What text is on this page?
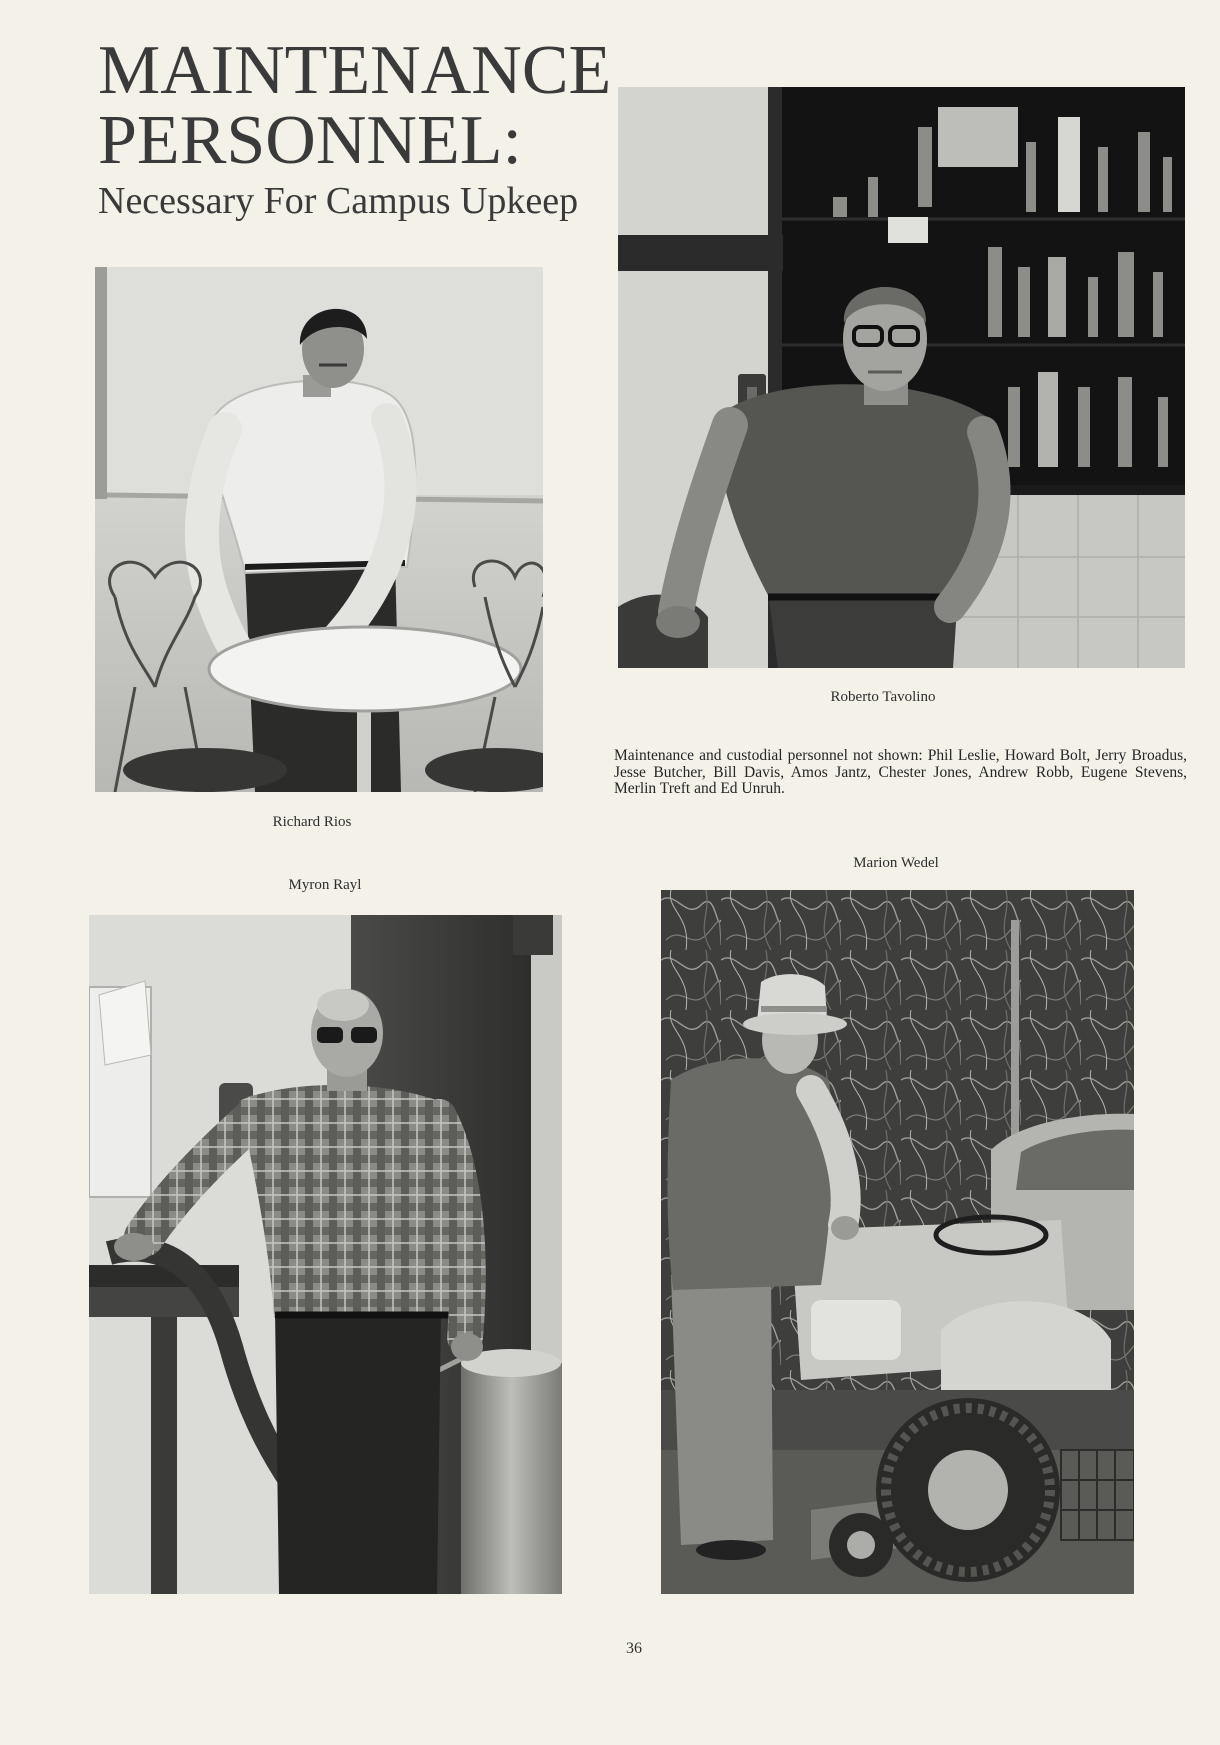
MAINTENANCE
PERSONNEL:
Necessary For Campus Upkeep
Roberto Tavolino
Maintenance and custodial personnel not shown: Phil Leslie, Howard Bolt, Jerry Broadus, Jesse Butcher, Bill Davis, Amos Jantz, Chester Jones, Andrew Robb, Eugene Stevens, Merlin Treft and Ed Unruh.
Richard Rios
Marion Wedel
Myron Rayl
36
